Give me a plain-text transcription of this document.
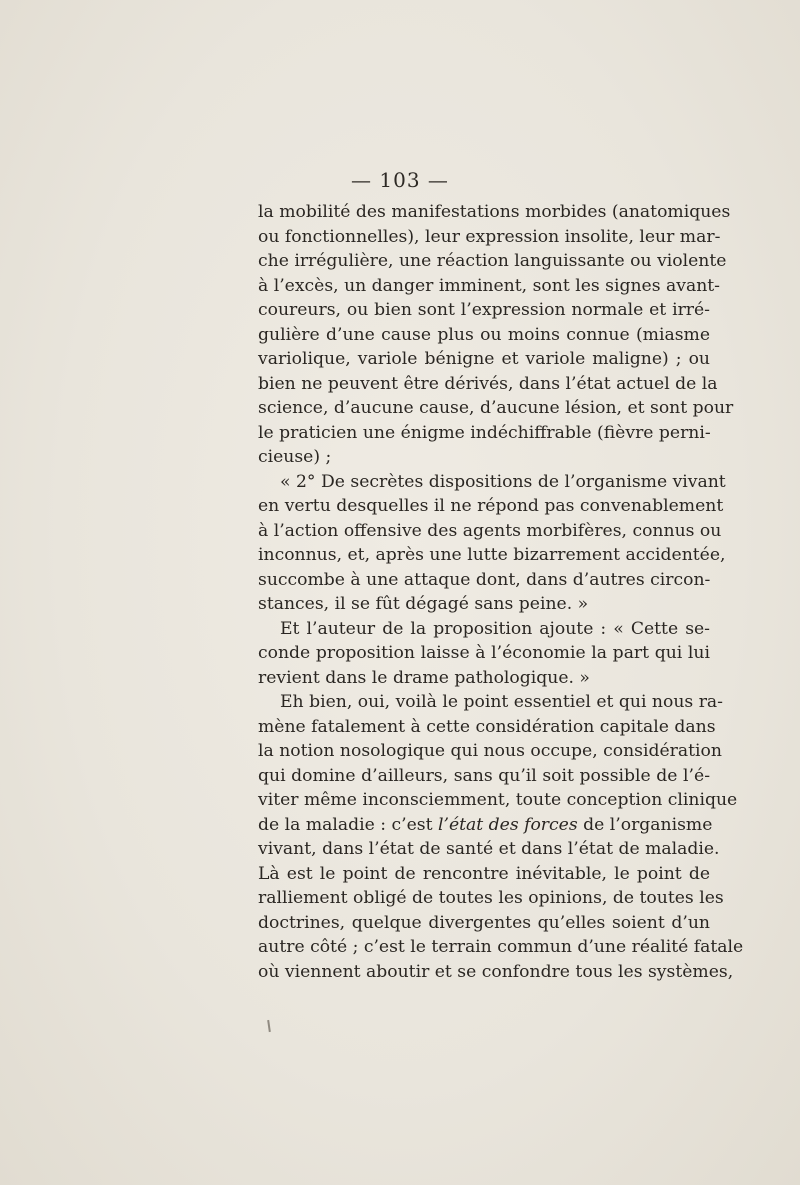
— 103 —
la mobilité des manifestations morbides (anatomiques
ou fonctionnelles), leur expression insolite, leur mar-
che irrégulière, une réaction languissante ou violente
à l’excès, un danger imminent, sont les signes avant-
coureurs, ou bien sont l’expression normale et irré-
gulière d’une cause plus ou moins connue (miasme
variolique, variole bénigne et variole maligne) ; ou
bien ne peuvent être dérivés, dans l’état actuel de la
science, d’aucune cause, d’aucune lésion, et sont pour
le praticien une énigme indéchiffrable (fièvre perni-
cieuse) ;
« 2° De secrètes dispositions de l’organisme vivant
en vertu desquelles il ne répond pas convenablement
à l’action offensive des agents morbifères, connus ou
inconnus, et, après une lutte bizarrement accidentée,
succombe à une attaque dont, dans d’autres circon-
stances, il se fût dégagé sans peine. »
Et l’auteur de la proposition ajoute : « Cette se-
conde proposition laisse à l’économie la part qui lui
revient dans le drame pathologique. »
Eh bien, oui, voilà le point essentiel et qui nous ra-
mène fatalement à cette considération capitale dans
la notion nosologique qui nous occupe, considération
qui domine d’ailleurs, sans qu’il soit possible de l’é-
viter même inconsciemment, toute conception clinique
de la maladie : c’est l’état des forces de l’organisme
vivant, dans l’état de santé et dans l’état de maladie.
Là est le point de rencontre inévitable, le point de
ralliement obligé de toutes les opinions, de toutes les
doctrines, quelque divergentes qu’elles soient d’un
autre côté ; c’est le terrain commun d’une réalité fatale
où viennent aboutir et se confondre tous les systèmes,
